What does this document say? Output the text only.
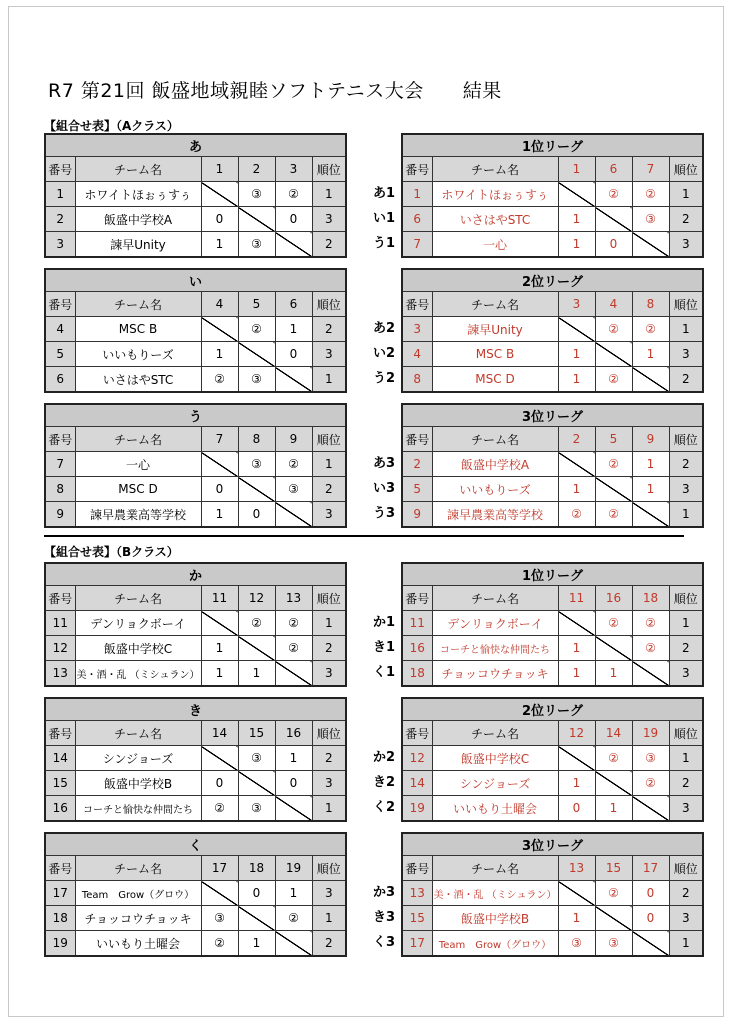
R7 第21回 飯盛地域親睦ソフトテニス大会　　結果
【組合せ表】（Aクラス）
【組合せ表】（Bクラス）
あ					
番号	チーム名	1	2	3	順位
1	ホワイトほぉぅすぅ		③	②	1
2	飯盛中学校A	0		0	3
3	諫早Unity	1	③		2
1位リーグ					
番号	チーム名	1	6	7	順位
1	ホワイトほぉぅすぅ		②	②	1
6	いさはやSTC	1		③	2
7	一心	1	0		3
あ1
い1
う1
い					
番号	チーム名	4	5	6	順位
4	MSC B		②	1	2
5	いいもりーズ	1		0	3
6	いさはやSTC	②	③		1
2位リーグ					
番号	チーム名	3	4	8	順位
3	諫早Unity		②	②	1
4	MSC B	1		1	3
8	MSC D	1	②		2
あ2
い2
う2
う					
番号	チーム名	7	8	9	順位
7	一心		③	②	1
8	MSC D	0		③	2
9	諫早農業高等学校	1	0		3
3位リーグ					
番号	チーム名	2	5	9	順位
2	飯盛中学校A		②	1	2
5	いいもりーズ	1		1	3
9	諫早農業高等学校	②	②		1
あ3
い3
う3
か					
番号	チーム名	11	12	13	順位
11	デンリョクボーイ		②	②	1
12	飯盛中学校C	1		②	2
13	美・酒・乱 （ミシュラン）	1	1		3
1位リーグ					
番号	チーム名	11	16	18	順位
11	デンリョクボーイ		②	②	1
16	コーチと愉快な仲間たち	1		②	2
18	チョッコウチョッキ	1	1		3
か1
き1
く1
き					
番号	チーム名	14	15	16	順位
14	シンジョーズ		③	1	2
15	飯盛中学校B	0		0	3
16	コーチと愉快な仲間たち	②	③		1
2位リーグ					
番号	チーム名	12	14	19	順位
12	飯盛中学校C		②	③	1
14	シンジョーズ	1		②	2
19	いいもり土曜会	0	1		3
か2
き2
く2
く					
番号	チーム名	17	18	19	順位
17	Team　Grow（グロウ）		0	1	3
18	チョッコウチョッキ	③		②	1
19	いいもり土曜会	②	1		2
3位リーグ					
番号	チーム名	13	15	17	順位
13	美・酒・乱 （ミシュラン）		②	0	2
15	飯盛中学校B	1		0	3
17	Team　Grow（グロウ）	③	③		1
か3
き3
く3
